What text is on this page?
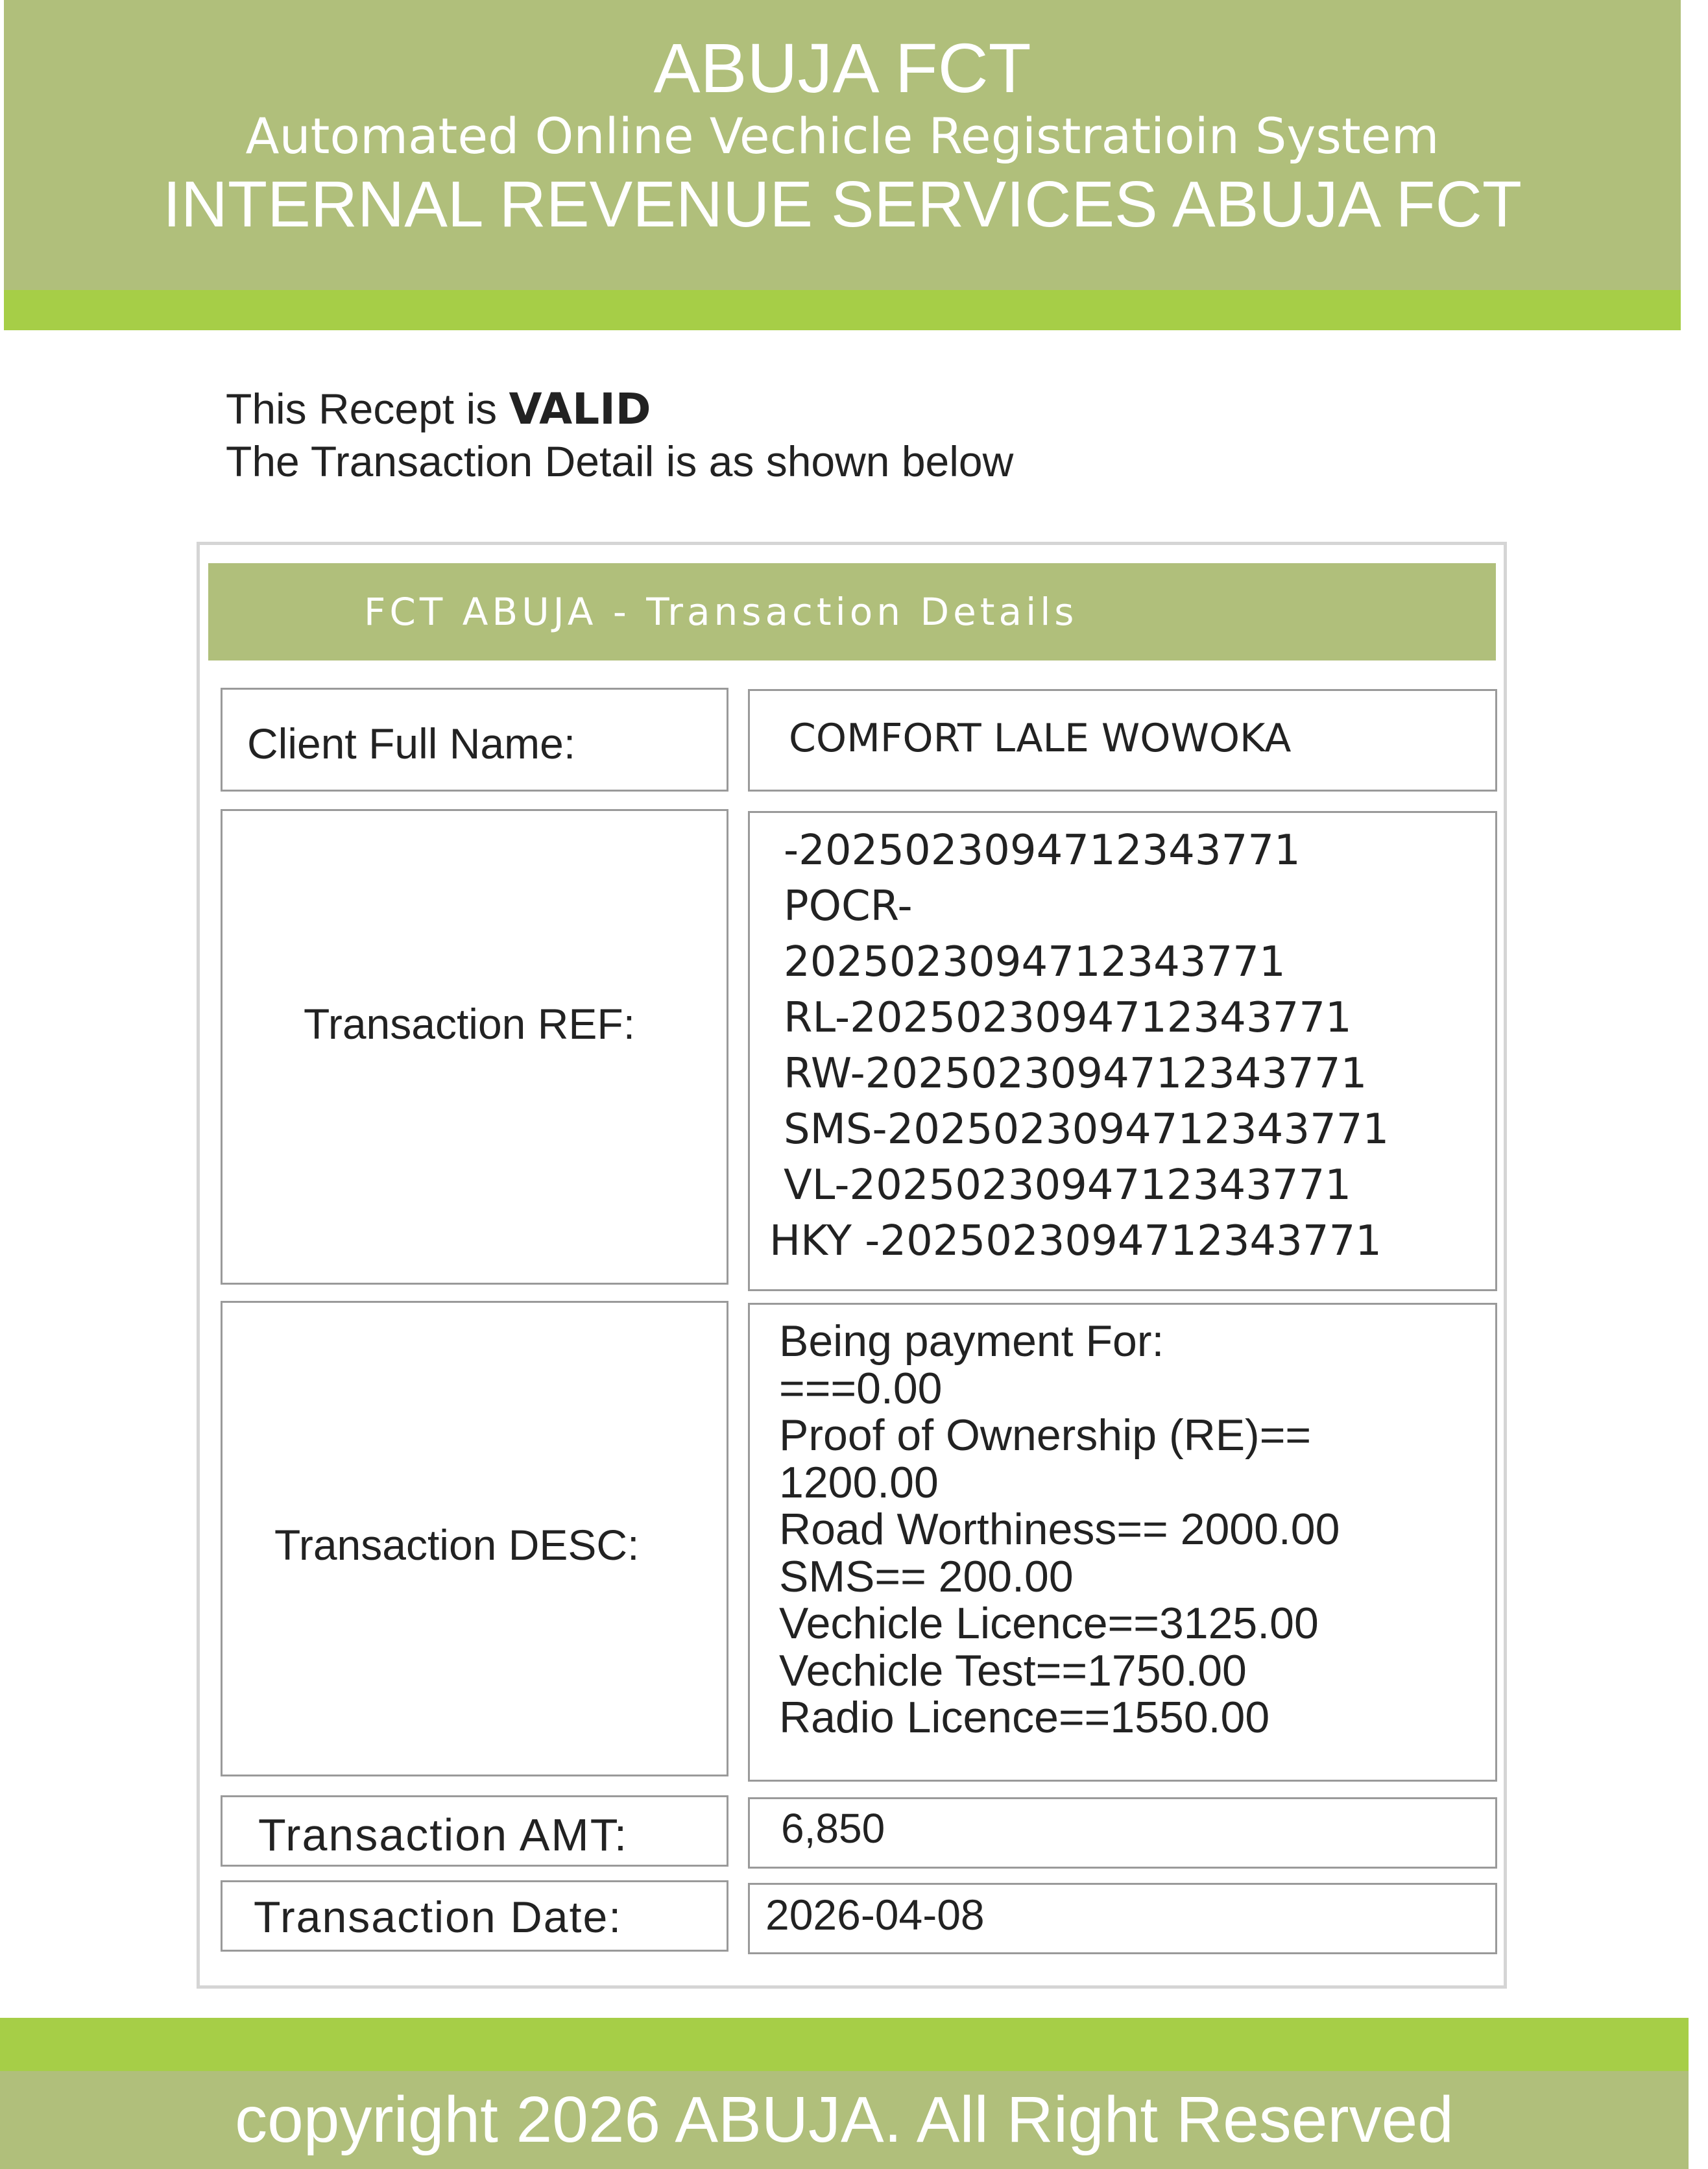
ABUJA FCT
Automated Online Vechicle Registratioin System
INTERNAL REVENUE SERVICES ABUJA FCT
This Recept is VALID
The Transaction Detail is as shown below
FCT ABUJA - Transaction Details
Client Full Name:	COMFORT LALE WOWOKA
Transaction REF:
-2025023094712343771
POCR-
2025023094712343771
RL-2025023094712343771
RW-2025023094712343771
SMS-2025023094712343771
VL-2025023094712343771
HKY -2025023094712343771
Transaction DESC:
Being payment For:
===0.00
Proof of Ownership (RE)==
1200.00
Road Worthiness== 2000.00
SMS== 200.00
Vechicle Licence==3125.00
Vechicle Test==1750.00
Radio Licence==1550.00
Transaction AMT:	6,850
Transaction Date:	2026-04-08
copyright 2026 ABUJA. All Right Reserved
